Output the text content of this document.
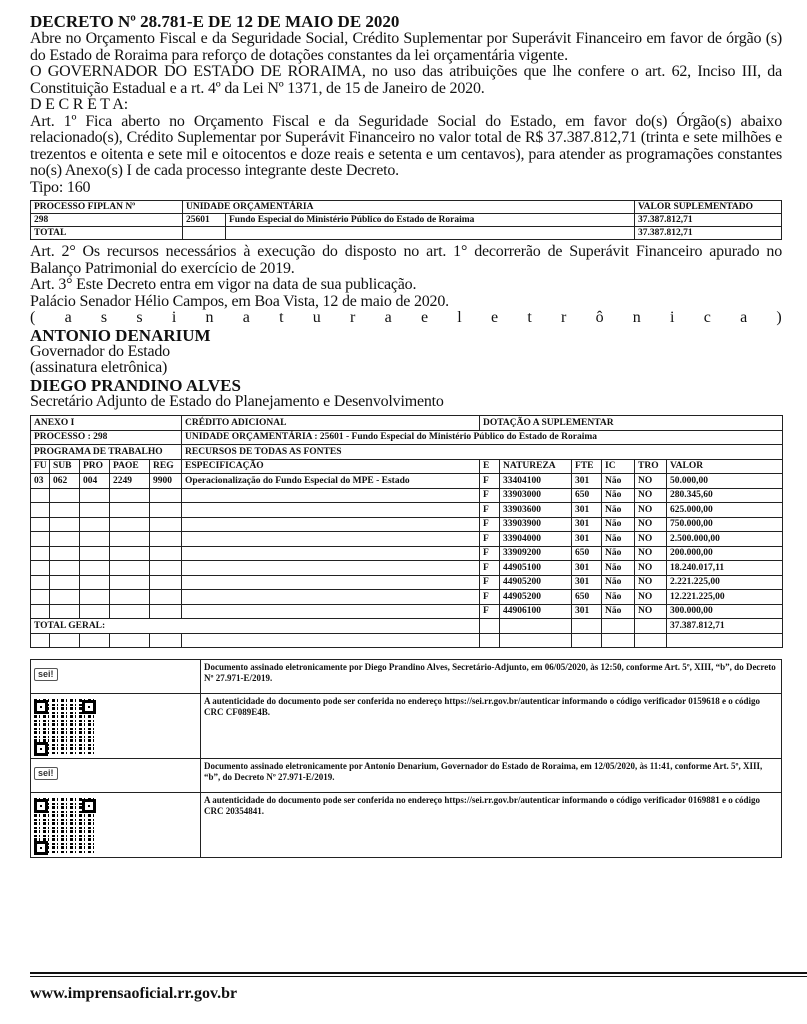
DECRETO Nº 28.781-E DE 12 DE MAIO DE 2020

Abre no Orçamento Fiscal e da Seguridade Social, Crédito Suplementar por Superávit Financeiro em favor de órgão (s) do Estado de Roraima para reforço de dotações constantes da lei orçamentária vigente.

O GOVERNADOR DO ESTADO DE RORAIMA, no uso das atribuições que lhe confere o art. 62, Inciso III, da Constituição Estadual e a rt. 4º da Lei Nº 1371, de 15 de Janeiro de 2020.

D E C R E T A:

Art. 1º Fica aberto no Orçamento Fiscal e da Seguridade Social do Estado, em favor do(s) Órgão(s) abaixo relacionado(s), Crédito Suplementar por Superávit Financeiro no valor total de R$ 37.387.812,71 (trinta e sete milhões e trezentos e oitenta e sete mil e oitocentos e doze reais e setenta e um centavos), para atender as programações constantes no(s) Anexo(s) I de cada processo integrante deste Decreto.

Tipo: 160

PROCESSO FIPLAN Nº	UNIDADE ORÇAMENTÁRIA		VALOR SUPLEMENTADO
298	25601	Fundo Especial do Ministério Público do Estado de Roraima	37.387.812,71
TOTAL			37.387.812,71

Art. 2° Os recursos necessários à execução do disposto no art. 1° decorrerão de Superávit Financeiro apurado no Balanço Patrimonial do exercício de 2019.

Art. 3° Este Decreto entra em vigor na data de sua publicação.

Palácio Senador Hélio Campos, em Boa Vista, 12 de maio de 2020.

( a s s i n a t u r a e l e t r ô n i c a )

ANTONIO DENARIUM

Governador do Estado

(assinatura eletrônica)

DIEGO PRANDINO ALVES

Secretário Adjunto de Estado do Planejamento e Desenvolvimento

ANEXO I					CRÉDITO ADICIONAL	DOTAÇÃO A SUPLEMENTAR					
PROCESSO : 298					UNIDADE ORÇAMENTÁRIA : 25601 - Fundo Especial do Ministério Público do Estado de Roraima						
PROGRAMA DE TRABALHO					RECURSOS DE TODAS AS FONTES						
FU	SUB	PRO	PAOE	REG	ESPECIFICAÇÃO	E	NATUREZA	FTE	IC	TRO	VALOR
03	062	004	2249	9900	Operacionalização do Fundo Especial do MPE - Estado	F	33404100	301	Não	NO	50.000,00
						F	33903000	650	Não	NO	280.345,60
						F	33903600	301	Não	NO	625.000,00
						F	33903900	301	Não	NO	750.000,00
						F	33904000	301	Não	NO	2.500.000,00
						F	33909200	650	Não	NO	200.000,00
						F	44905100	301	Não	NO	18.240.017,11
						F	44905200	301	Não	NO	2.221.225,00
						F	44905200	650	Não	NO	12.221.225,00
						F	44906100	301	Não	NO	300.000,00
TOTAL GERAL:											37.387.812,71

sei!	Documento assinado eletronicamente por Diego Prandino Alves, Secretário-Adjunto, em 06/05/2020, às 12:50, conforme Art. 5º, XIII, “b”, do Decreto Nº 27.971-E/2019.

	A autenticidade do documento pode ser conferida no endereço https://sei.rr.gov.br/autenticar informando o código verificador 0159618 e o código CRC CF089E4B.
sei!	Documento assinado eletronicamente por Antonio Denarium, Governador do Estado de Roraima, em 12/05/2020, às 11:41, conforme Art. 5º, XIII, “b”, do Decreto Nº 27.971-E/2019.

	A autenticidade do documento pode ser conferida no endereço https://sei.rr.gov.br/autenticar informando o código verificador 0169881 e o código CRC 20354841.
www.imprensaoficial.rr.gov.br
